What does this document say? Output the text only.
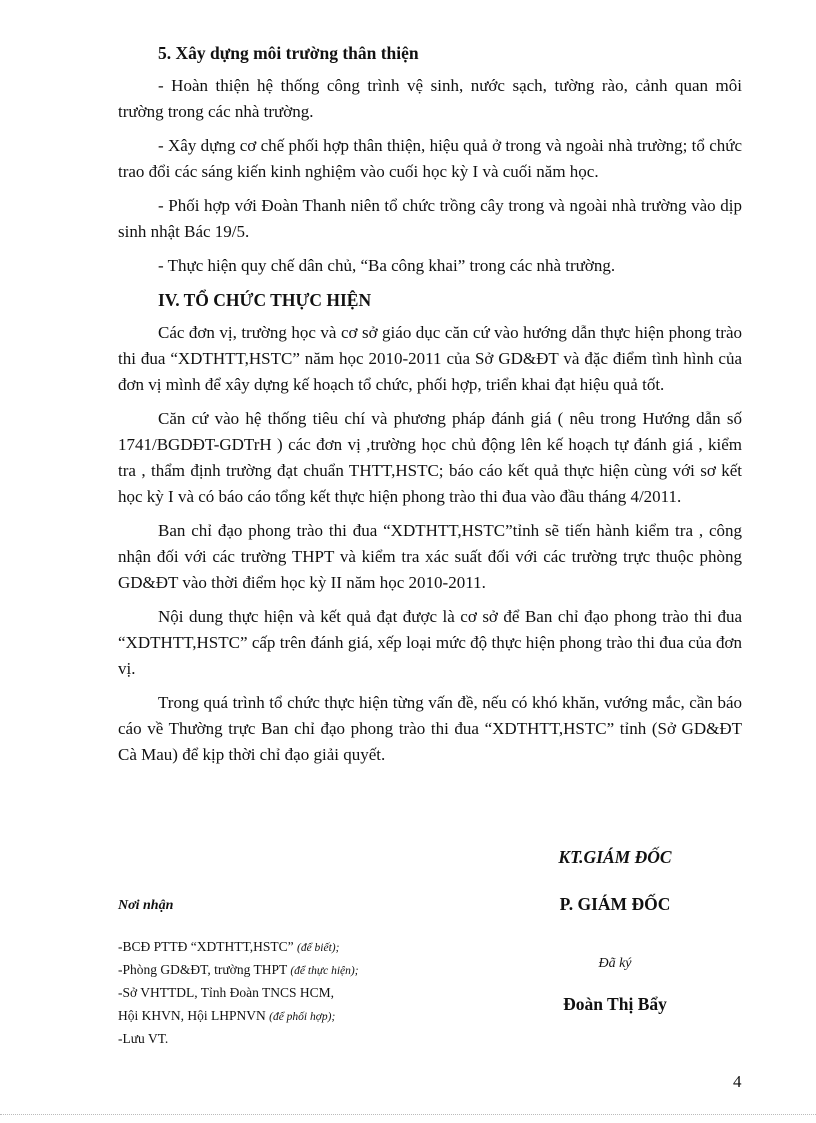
5. Xây dựng môi trường thân thiện

- Hoàn thiện hệ thống công trình vệ sinh, nước sạch, tường rào, cảnh quan môi trường trong các nhà trường.

- Xây dựng cơ chế phối hợp thân thiện, hiệu quả ở trong và ngoài nhà trường; tổ chức trao đổi các sáng kiến kinh nghiệm vào cuối học kỳ I và cuối năm học.

- Phối hợp với Đoàn Thanh niên tổ chức trồng cây trong và ngoài nhà trường vào dịp sinh nhật Bác 19/5.

- Thực hiện quy chế dân chủ, “Ba công khai” trong các nhà trường.

IV. TỔ CHỨC THỰC HIỆN

Các đơn vị, trường học và cơ sở giáo dục căn cứ vào hướng dẫn thực hiện phong trào thi đua “XDTHTT,HSTC” năm học 2010-2011 của Sở GD&ĐT và đặc điểm tình hình của đơn vị mình để xây dựng kế hoạch tổ chức, phối hợp, triển khai đạt hiệu quả tốt.

Căn cứ vào hệ thống tiêu chí và phương pháp đánh giá ( nêu trong Hướng dẫn số 1741/BGDĐT-GDTrH ) các đơn vị ,trường học chủ động lên kế hoạch tự đánh giá , kiểm tra , thẩm định trường đạt chuẩn THTT,HSTC; báo cáo kết quả thực hiện cùng với sơ kết học kỳ I và có báo cáo tổng kết thực hiện phong trào thi đua vào đầu tháng 4/2011.

Ban chỉ đạo phong trào thi đua “XDTHTT,HSTC”tỉnh sẽ tiến hành kiểm tra , công nhận đối với các trường THPT và kiểm tra xác suất đối với các trường trực thuộc phòng GD&ĐT vào thời điểm học kỳ II năm học 2010-2011.

Nội dung thực hiện và kết quả đạt được là cơ sở để Ban chỉ đạo phong trào thi đua “XDTHTT,HSTC” cấp trên đánh giá, xếp loại mức độ thực hiện phong trào thi đua của đơn vị.

Trong quá trình tổ chức thực hiện từng vấn đề, nếu có khó khăn, vướng mắc, cần báo cáo về Thường trực Ban chỉ đạo phong trào thi đua “XDTHTT,HSTC” tỉnh (Sở GD&ĐT Cà Mau) để kịp thời chỉ đạo giải quyết.

KT.GIÁM ĐỐC
P. GIÁM ĐỐC
Đã ký
Đoàn Thị Bẩy
Nơi nhận
-BCĐ PTTĐ “XDTHTT,HSTC” (để biết);
-Phòng GD&ĐT, trường THPT (để thực hiện);
-Sở VHTTDL, Tỉnh Đoàn TNCS HCM,
Hội KHVN, Hội LHPNVN (để phối hợp);
-Lưu VT.
4
